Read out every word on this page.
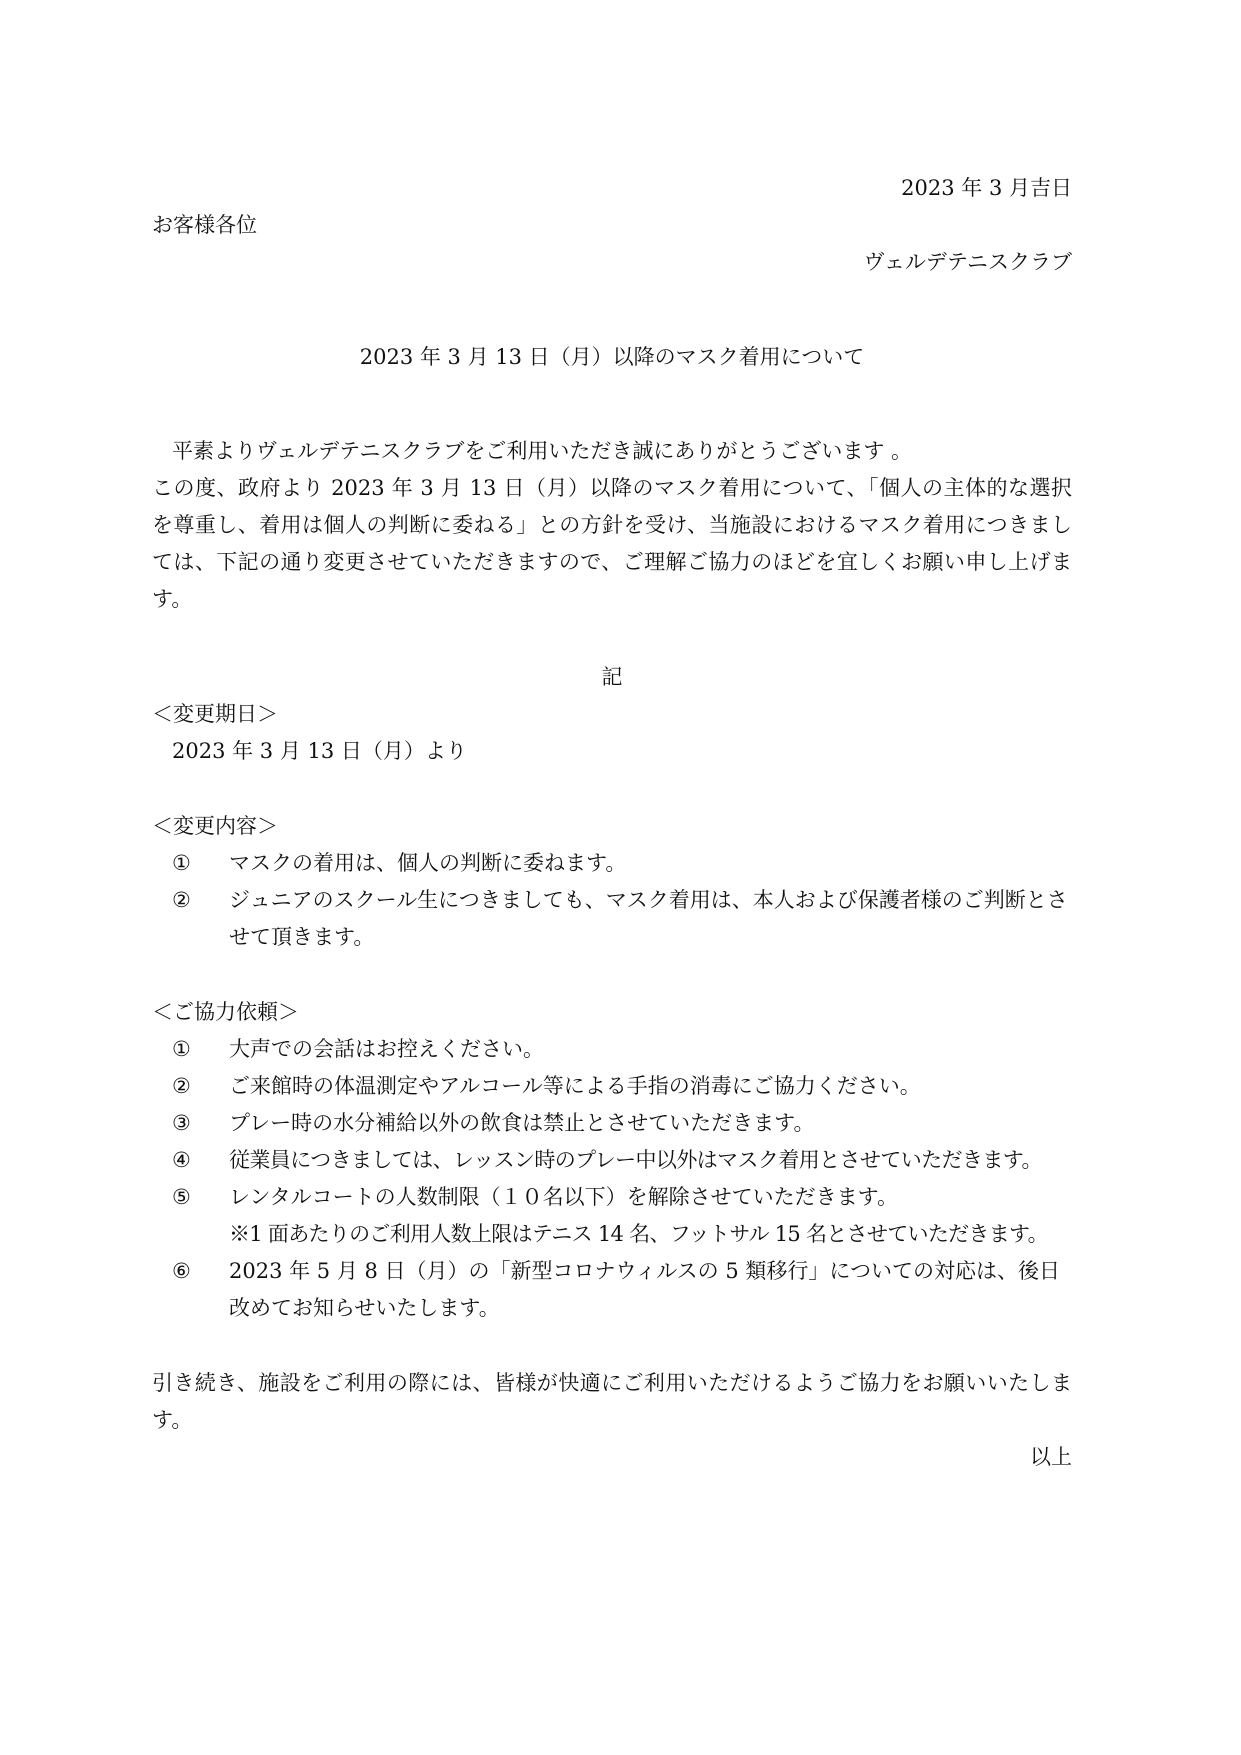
2023 年 3 月吉日
お客様各位
ヴェルデテニスクラブ
2023 年 3 月 13 日（月）以降のマスク着用について
平素よりヴェルデテニスクラブをご利用いただき誠にありがとうございます 。
この度、政府より 2023 年 3 月 13 日（月）以降のマスク着用について、「個人の主体的な選択を尊重し、着用は個人の判断に委ねる」との方針を受け、当施設におけるマスク着用につきましては、下記の通り変更させていただきますので、ご理解ご協力のほどを宜しくお願い申し上げます。
記
＜変更期日＞
2023 年 3 月 13 日（月）より
＜変更内容＞
①	マスクの着用は、個人の判断に委ねます。
②	ジュニアのスクール生につきましても、マスク着用は、本人および保護者様のご判断とさせて頂きます。
＜ご協力依頼＞
①	大声での会話はお控えください。
②	ご来館時の体温測定やアルコール等による手指の消毒にご協力ください。
③	プレー時の水分補給以外の飲食は禁止とさせていただきます。
④	従業員につきましては、レッスン時のプレー中以外はマスク着用とさせていただきます。
⑤	レンタルコートの人数制限（１０名以下）を解除させていただきます。
※1 面あたりのご利用人数上限はテニス 14 名、フットサル 15 名とさせていただきます。
⑥	2023 年 5 月 8 日（月）の「新型コロナウィルスの 5 類移行」についての対応は、後日改めてお知らせいたします。
引き続き、施設をご利用の際には、皆様が快適にご利用いただけるようご協力をお願いいたします。
以上
